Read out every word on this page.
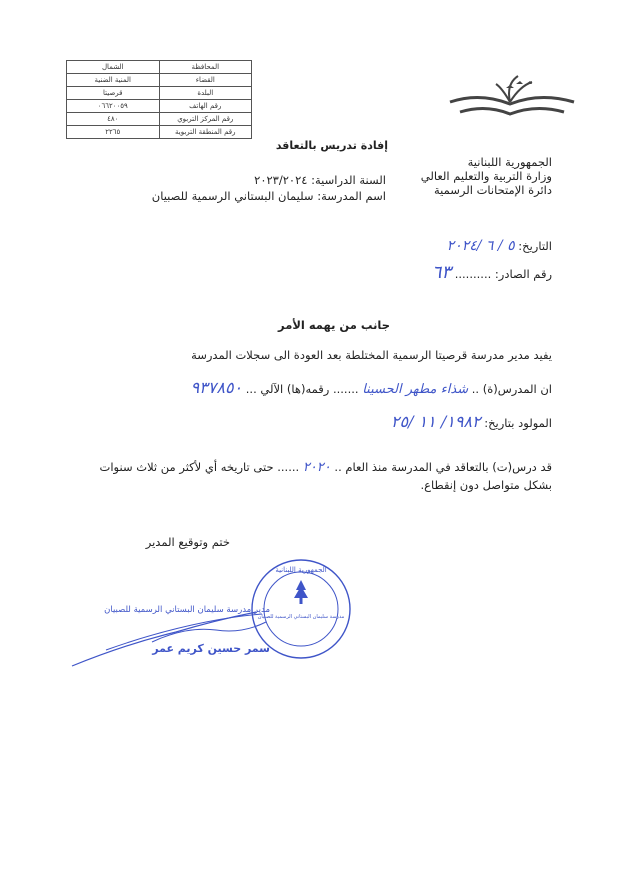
الشمال	المحافظة
المنية الضنية	القضاء
قرصيتا	البلدة
٠٦٦٢٠٠٥٩	رقم الهاتف
٤٨٠	رقم المركز التربوي
٢٢٦٥	رقم المنطقة التربوية
إفادة تدريس بالتعاقد
الجمهورية اللبنانية
وزارة التربية والتعليم العالي
دائرة الإمتحانات الرسمية
السنة الدراسية: ٢٠٢٣/٢٠٢٤
اسم المدرسة: سليمان البستاني الرسمية للصبيان
التاريخ: ٥ / ٦ /٢٠٢٤
رقم الصادر: .......... ٦٣
جانب من يهمه الأمر
يفيد مدير مدرسة قرصيتا الرسمية المختلطة بعد العودة الى سجلات المدرسة
ان المدرس(ة) .. شذاء مطهر الحسينا ....... رقمه(ها) الآلي ... ٩٣٧٨٥٠
المولود بتاريخ: ١٩٨٢/ ١١ /٢٥
قد درس(ت) بالتعاقد في المدرسة منذ العام .. ٢٠٢٠ ...... حتى تاريخه أي لأكثر من ثلاث سنوات
بشكل متواصل دون إنقطاع.
ختم وتوقيع المدير
الجمهورية اللبنانية
مدرسة سليمان البستاني الرسمية للصبيان
مدير مدرسة سليمان البستاني الرسمية للصبيان
سمر حسين كريم عمر
